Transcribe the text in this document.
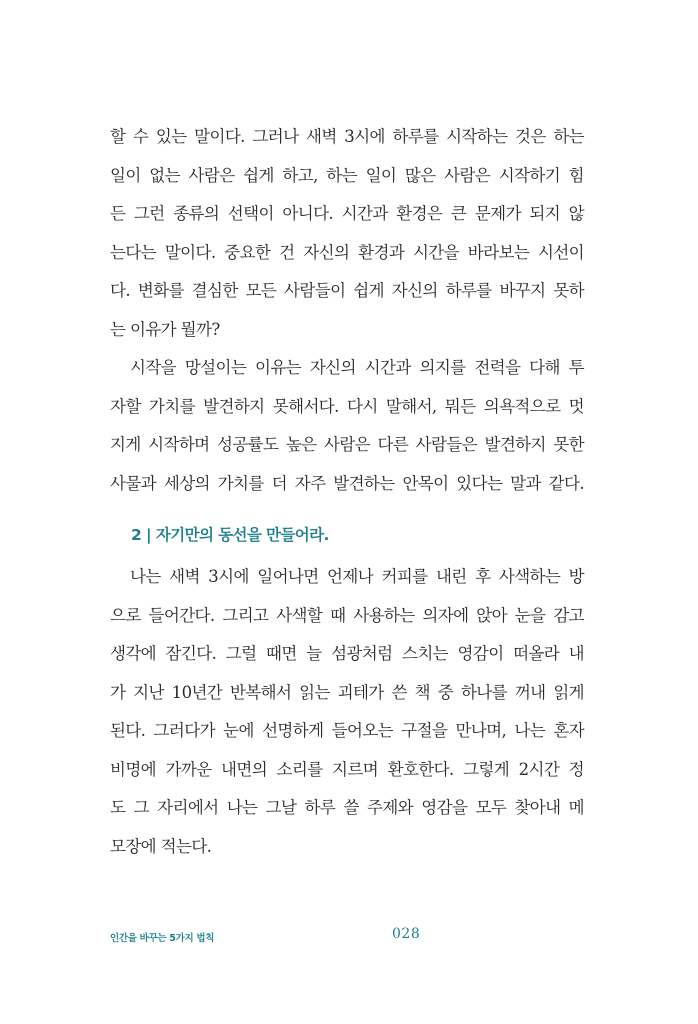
할 수 있는 말이다. 그러나 새벽 3시에 하루를 시작하는 것은 하는
일이 없는 사람은 쉽게 하고, 하는 일이 많은 사람은 시작하기 힘
든 그런 종류의 선택이 아니다. 시간과 환경은 큰 문제가 되지 않
는다는 말이다. 중요한 건 자신의 환경과 시간을 바라보는 시선이
다. 변화를 결심한 모든 사람들이 쉽게 자신의 하루를 바꾸지 못하
는 이유가 뭘까?
시작을 망설이는 이유는 자신의 시간과 의지를 전력을 다해 투
자할 가치를 발견하지 못해서다. 다시 말해서, 뭐든 의욕적으로 멋
지게 시작하며 성공률도 높은 사람은 다른 사람들은 발견하지 못한
사물과 세상의 가치를 더 자주 발견하는 안목이 있다는 말과 같다.
2 | 자기만의 동선을 만들어라.
나는 새벽 3시에 일어나면 언제나 커피를 내린 후 사색하는 방
으로 들어간다. 그리고 사색할 때 사용하는 의자에 앉아 눈을 감고
생각에 잠긴다. 그럴 때면 늘 섬광처럼 스치는 영감이 떠올라 내
가 지난 10년간 반복해서 읽는 괴테가 쓴 책 중 하나를 꺼내 읽게
된다. 그러다가 눈에 선명하게 들어오는 구절을 만나며, 나는 혼자
비명에 가까운 내면의 소리를 지르며 환호한다. 그렇게 2시간 정
도 그 자리에서 나는 그날 하루 쓸 주제와 영감을 모두 찾아내 메
모장에 적는다.
인간을 바꾸는 5가지 법칙	028
